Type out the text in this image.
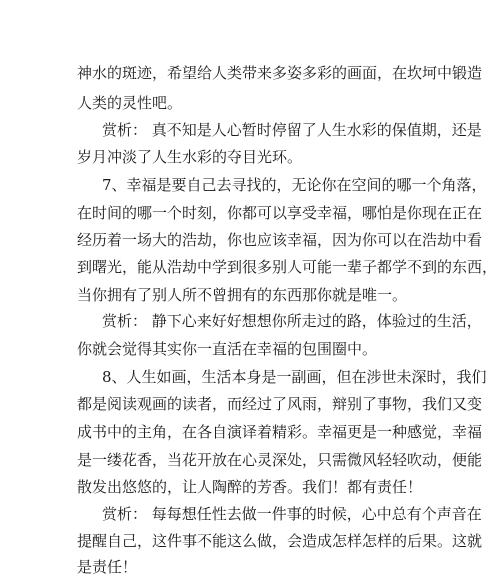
神水的斑迹，希望给人类带来多姿多彩的画面，在坎坷中锻造

人类的灵性吧。

赏析： 真不知是人心暂时停留了人生水彩的保值期，还是

岁月冲淡了人生水彩的夺目光环。

7、幸福是要自己去寻找的，无论你在空间的哪一个角落，

在时间的哪一个时刻，你都可以享受幸福，哪怕是你现在正在

经历着一场大的浩劫，你也应该幸福，因为你可以在浩劫中看

到曙光，能从浩劫中学到很多别人可能一辈子都学不到的东西，

当你拥有了别人所不曾拥有的东西那你就是唯一。

赏析： 静下心来好好想想你所走过的路，体验过的生活，

你就会觉得其实你一直活在幸福的包围圈中。

8、人生如画，生活本身是一副画，但在涉世未深时，我们

都是阅读观画的读者，而经过了风雨，辩别了事物，我们又变

成书中的主角，在各自演译着精彩。幸福更是一种感觉，幸福

是一缕花香，当花开放在心灵深处，只需微风轻轻吹动，便能

散发出悠悠的，让人陶醉的芳香。我们！都有责任！

赏析： 每每想任性去做一件事的时候，心中总有个声音在

提醒自己，这件事不能这么做，会造成怎样怎样的后果。这就

是责任！
